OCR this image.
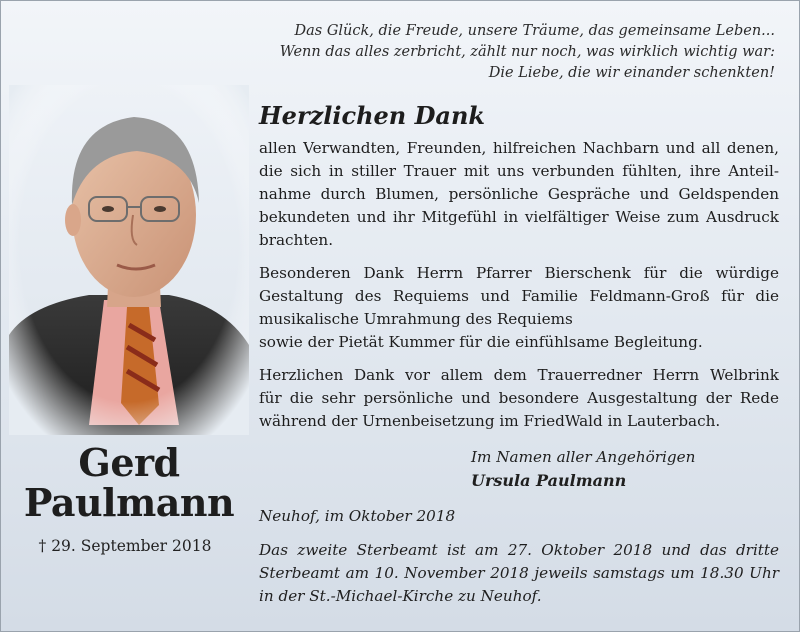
Das Glück, die Freude, unsere Träume, das gemeinsame Leben...
Wenn das alles zerbricht, zählt nur noch, was wirklich wichtig war:
Die Liebe, die wir einander schenkten!
Gerd
Paulmann
† 29. September 2018
Herzlichen Dank
allen Verwandten, Freunden, hilfreichen Nachbarn und all denen,
die sich in stiller Trauer mit uns verbunden fühlten, ihre Anteil-
nahme durch Blumen, persönliche Gespräche und Geldspenden
bekundeten und ihr Mitgefühl in vielfältiger Weise zum Ausdruck
brachten.
Besonderen Dank Herrn Pfarrer Bierschenk für die würdige
Gestaltung des Requiems und Familie Feldmann-Groß für die
musikalische Umrahmung des Requiems
sowie der Pietät Kummer für die einfühlsame Begleitung.
Herzlichen Dank vor allem dem Trauerredner Herrn Welbrink
für die sehr persönliche und besondere Ausgestaltung der Rede
während der Urnenbeisetzung im FriedWald in Lauterbach.
Im Namen aller Angehörigen
Ursula Paulmann
Neuhof, im Oktober 2018
Das zweite Sterbeamt ist am 27. Oktober 2018 und das dritte
Sterbeamt am 10. November 2018 jeweils samstags um 18.30 Uhr
in der St.-Michael-Kirche zu Neuhof.
